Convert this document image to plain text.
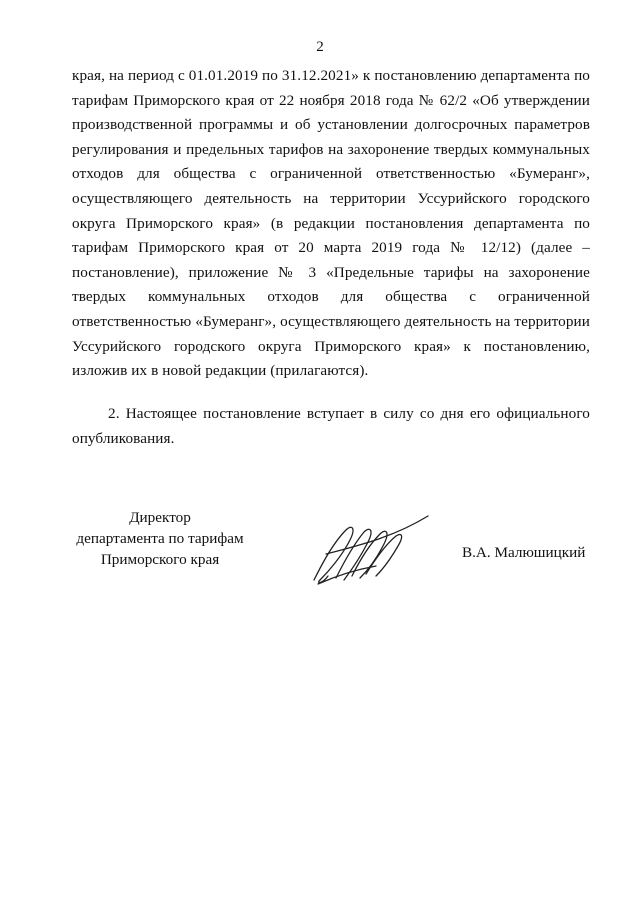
2
края, на период с 01.01.2019 по 31.12.2021» к постановлению департамента по тарифам Приморского края от 22 ноября 2018 года № 62/2 «Об утверждении производственной программы и об установлении долгосрочных параметров регулирования и предельных тарифов на захоронение твердых коммунальных отходов для общества с ограниченной ответственностью «Бумеранг», осуществляющего деятельность на территории Уссурийского городского округа Приморского края» (в редакции постановления департамента по тарифам Приморского края от 20 марта 2019 года № 12/12) (далее – постановление), приложение № 3 «Предельные тарифы на захоронение твердых коммунальных отходов для общества с ограниченной ответственностью «Бумеранг», осуществляющего деятельность на территории Уссурийского городского округа Приморского края» к постановлению, изложив их в новой редакции (прилагаются).
2. Настоящее постановление вступает в силу со дня его официального опубликования.
Директор
департамента по тарифам
Приморского края	В.А. Малюшицкий
